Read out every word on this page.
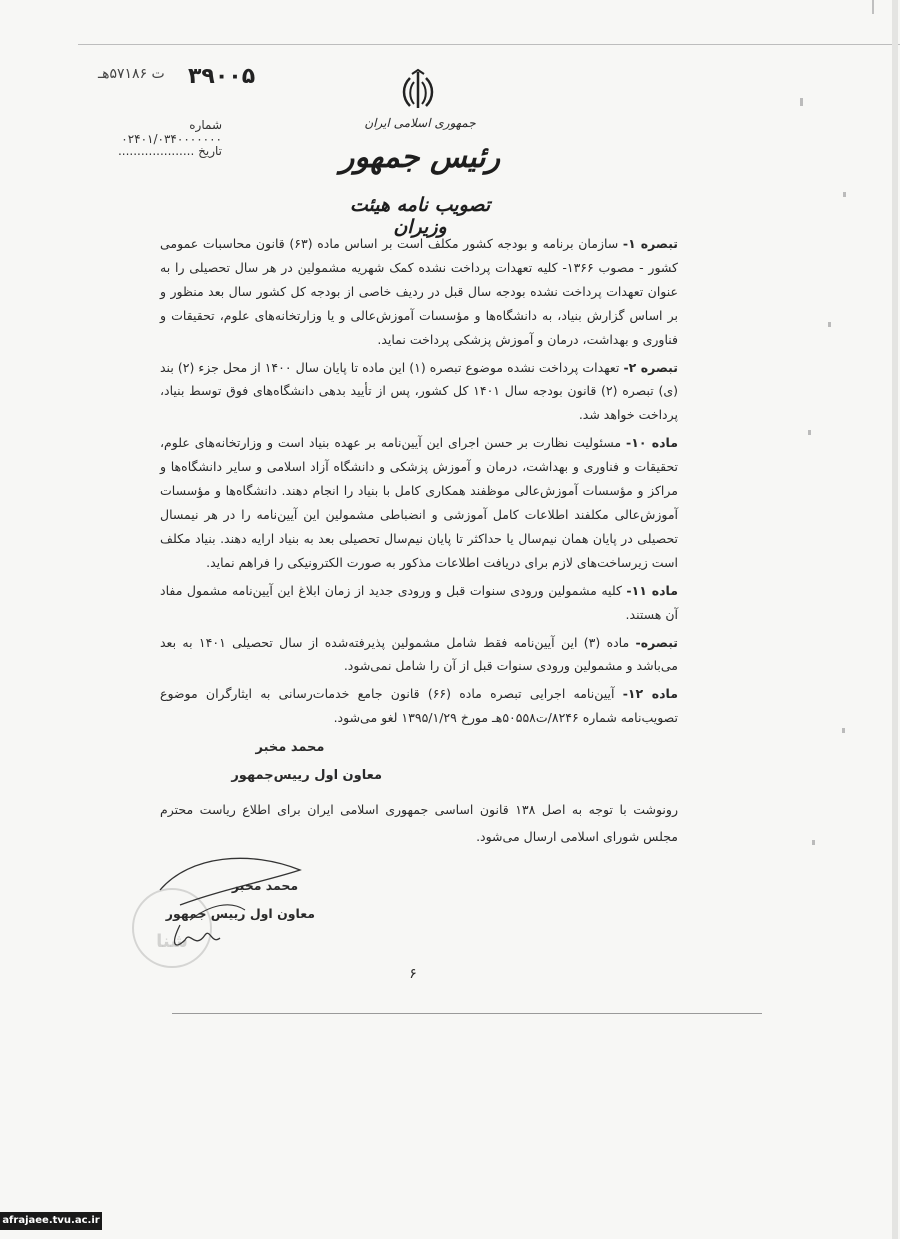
۳۹۰۰۵
ت ۵۷۱۸۶هـ
شماره ۰۲۴۰۱/۰۳۴۰۰۰۰۰۰۰
تاریخ ....................
جمهوری اسلامی ایران
رئیس جمهور
تصویب نامه هیئت وزیران

تبصره ۱- سازمان برنامه و بودجه کشور مکلف است بر اساس ماده (۶۳) قانون محاسبات عمومی کشور - مصوب ۱۳۶۶- کلیه تعهدات پرداخت نشده کمک شهریه مشمولین در هر سال تحصیلی را به عنوان تعهدات پرداخت نشده بودجه سال قبل در ردیف خاصی از بودجه کل کشور سال بعد منظور و بر اساس گزارش بنیاد، به دانشگاه‌ها و مؤسسات آموزش‌عالی و یا وزارتخانه‌های علوم، تحقیقات و فناوری و بهداشت، درمان و آموزش پزشکی پرداخت نماید.

تبصره ۲- تعهدات پرداخت نشده موضوع تبصره (۱) این ماده تا پایان سال ۱۴۰۰ از محل جزء (۲) بند (ی) تبصره (۲) قانون بودجه سال ۱۴۰۱ کل کشور، پس از تأیید بدهی دانشگاه‌های فوق توسط بنیاد، پرداخت خواهد شد.

ماده ۱۰- مسئولیت نظارت بر حسن اجرای این آیین‌نامه بر عهده بنیاد است و وزارتخانه‌های علوم، تحقیقات و فناوری و بهداشت، درمان و آموزش پزشکی و دانشگاه آزاد اسلامی و سایر دانشگاه‌ها و مراکز و مؤسسات آموزش‌عالی موظفند همکاری کامل با بنیاد را انجام دهند. دانشگاه‌ها و مؤسسات آموزش‌عالی مکلفند اطلاعات کامل آموزشی و انضباطی مشمولین این آیین‌نامه را در هر نیمسال تحصیلی در پایان همان نیم‌سال یا حداکثر تا پایان نیم‌سال تحصیلی بعد به بنیاد ارایه دهند. بنیاد مکلف است زیرساخت‌های لازم برای دریافت اطلاعات مذکور به صورت الکترونیکی را فراهم نماید.

ماده ۱۱- کلیه مشمولین ورودی سنوات قبل و ورودی جدید از زمان ابلاغ این آیین‌نامه مشمول مفاد آن هستند.

تبصره- ماده (۳) این آیین‌نامه فقط شامل مشمولین پذیرفته‌شده از سال تحصیلی ۱۴۰۱ به بعد می‌باشد و مشمولین ورودی سنوات قبل از آن را شامل نمی‌شود.

ماده ۱۲- آیین‌نامه اجرایی تبصره ماده (۶۶) قانون جامع خدمات‌رسانی به ایثارگران موضوع تصویب‌نامه شماره ۸۲۴۶/ت۵۰۵۵۸هـ مورخ ۱۳۹۵/۱/۲۹ لغو می‌شود.

محمد مخبر
معاون اول رییس‌جمهور
رونوشت با توجه به اصل ۱۳۸ قانون اساسی جمهوری اسلامی ایران برای اطلاع ریاست محترم مجلس شورای اسلامی ارسال می‌شود.
شنا
محمد مخبر
معاون اول رییس جمهور
۶
afrajaee.tvu.ac.ir
